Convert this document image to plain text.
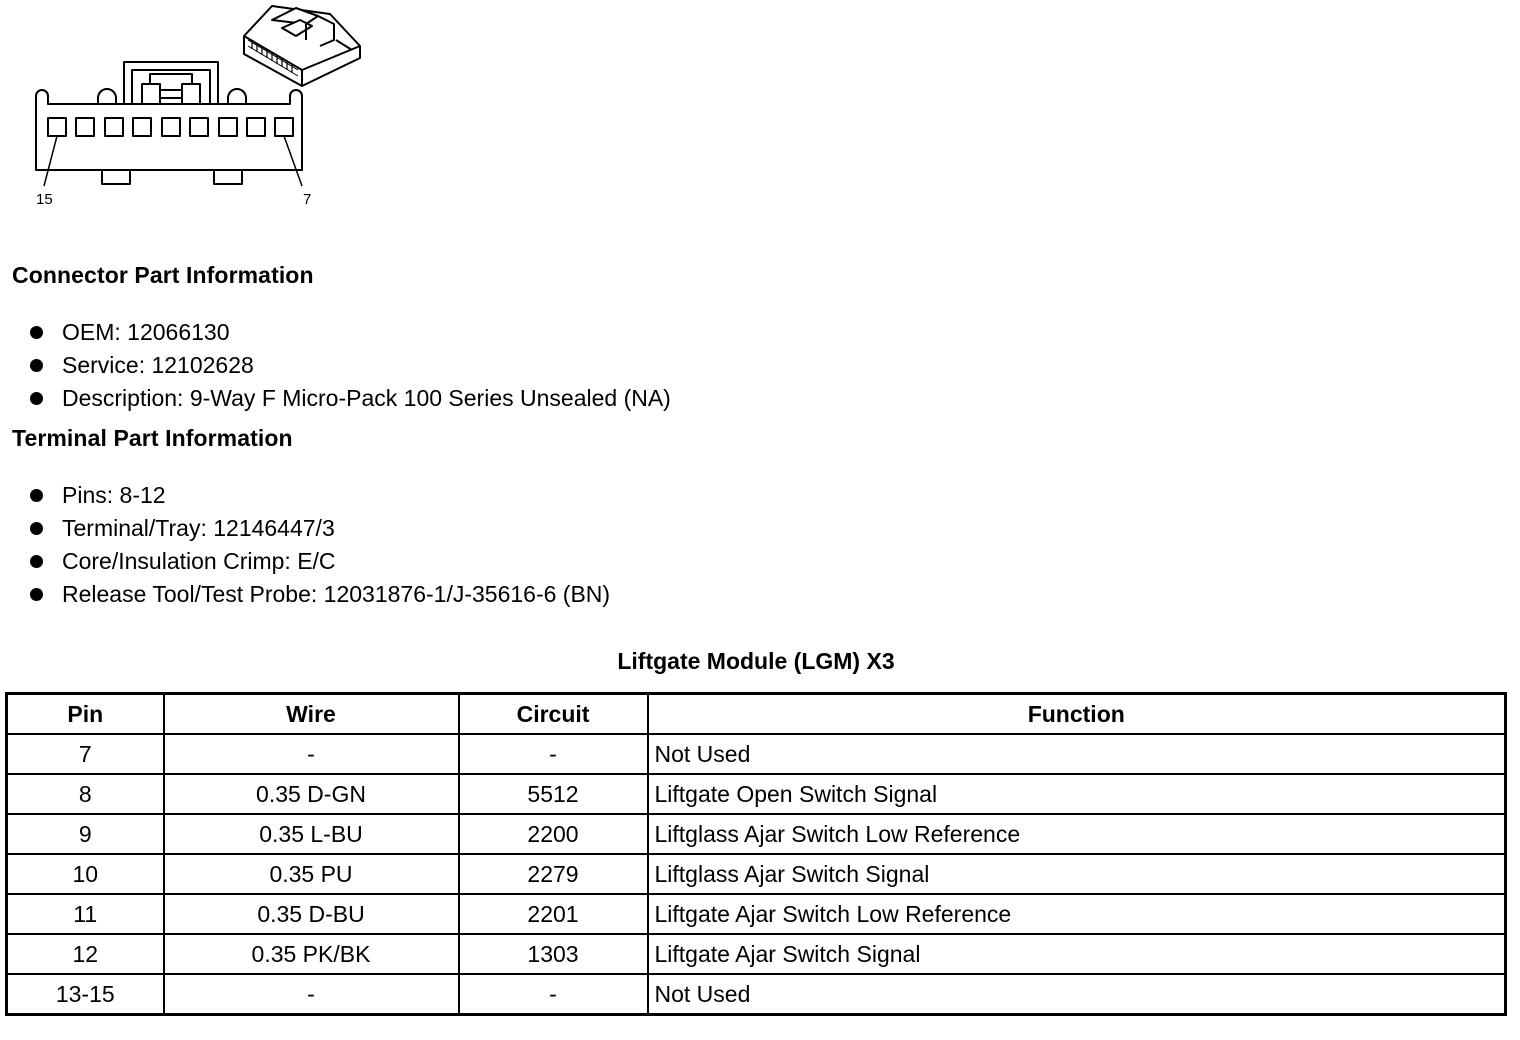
15	7
Connector Part Information
OEM: 12066130
Service: 12102628
Description: 9-Way F Micro-Pack 100 Series Unsealed (NA)
Terminal Part Information
Pins: 8-12
Terminal/Tray: 12146447/3
Core/Insulation Crimp: E/C
Release Tool/Test Probe: 12031876-1/J-35616-6 (BN)
Liftgate Module (LGM) X3
Pin	Wire	Circuit	Function
7	-	-	Not Used
8	0.35 D-GN	5512	Liftgate Open Switch Signal
9	0.35 L-BU	2200	Liftglass Ajar Switch Low Reference
10	0.35 PU	2279	Liftglass Ajar Switch Signal
11	0.35 D-BU	2201	Liftgate Ajar Switch Low Reference
12	0.35 PK/BK	1303	Liftgate Ajar Switch Signal
13-15	-	-	Not Used
